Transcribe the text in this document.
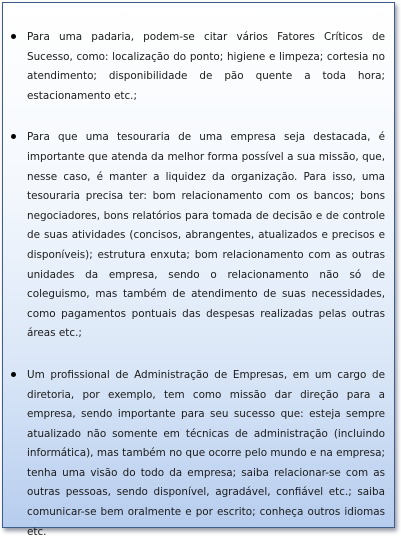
Para uma padaria, podem-se citar vários Fatores Críticos de Sucesso, como: localização do ponto; higiene e limpeza; cortesia no atendimento; disponibilidade de pão quente a toda hora; estacionamento etc.;

Para que uma tesouraria de uma empresa seja destacada, é importante que atenda da melhor forma possível a sua missão, que, nesse caso, é manter a liquidez da organização. Para isso, uma tesouraria precisa ter: bom relacionamento com os bancos; bons negociadores, bons relatórios para tomada de decisão e de controle de suas atividades (concisos, abrangentes, atualizados e precisos e disponíveis); estrutura enxuta; bom relacionamento com as outras unidades da empresa, sendo o relacionamento não só de coleguismo, mas também de atendimento de suas necessidades, como pagamentos pontuais das despesas realizadas pelas outras áreas etc.;

Um profissional de Administração de Empresas, em um cargo de diretoria, por exemplo, tem como missão dar direção para a empresa, sendo importante para seu sucesso que: esteja sempre atualizado não somente em técnicas de administração (incluindo informática), mas também no que ocorre pelo mundo e na empresa; tenha uma visão do todo da empresa; saiba relacionar-se com as outras pessoas, sendo disponível, agradável, confiável etc.; saiba comunicar-se bem oralmente e por escrito; conheça outros idiomas etc.
